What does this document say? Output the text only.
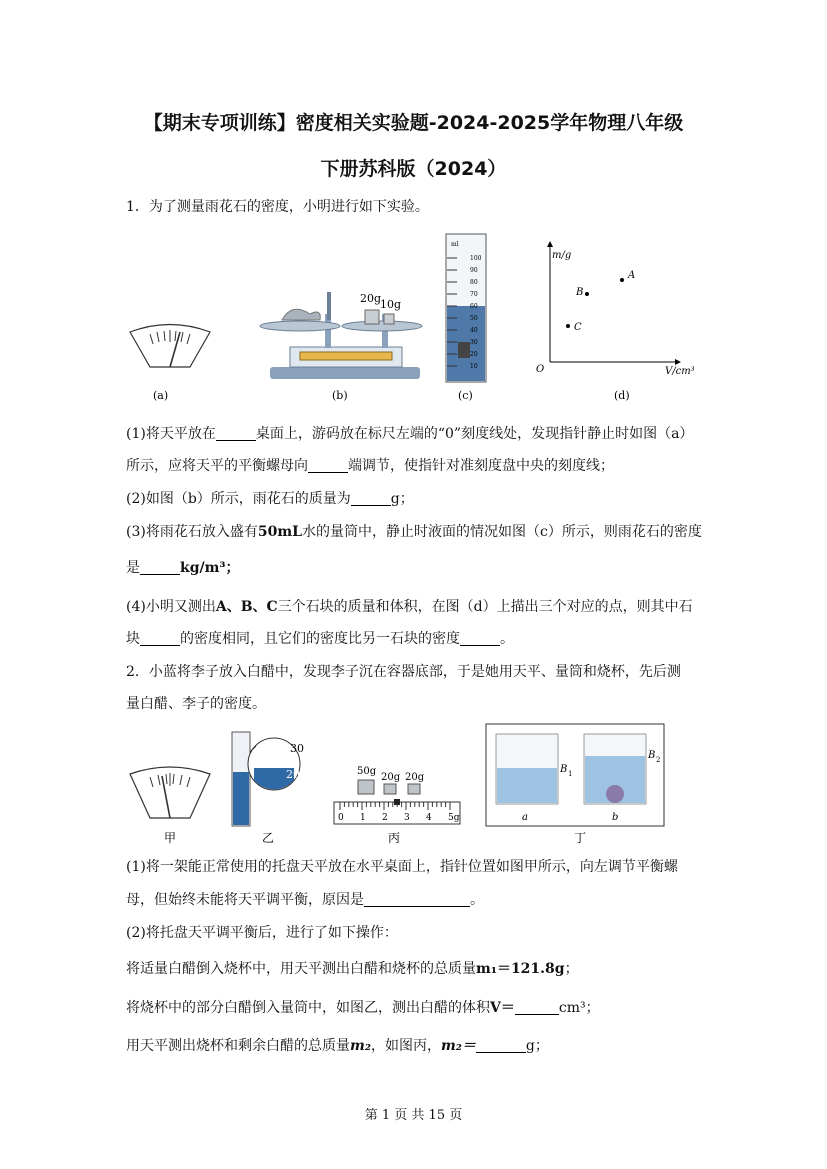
【期末专项训练】密度相关实验题-2024-2025学年物理八年级
下册苏科版（2024）
1．为了测量雨花石的密度，小明进行如下实验。
(a)
20g
10g
(b)
ml
100
90
80
70
60
50
40
30
20
10
(c)
m/g
V/cm³
O
A
B
C
(d)
(1)将天平放在	桌面上，游码放在标尺左端的“0”刻度线处，发现指针静止时如图（a）
所示，应将天平的平衡螺母向	端调节，使指针对准刻度盘中央的刻度线；
(2)如图（b）所示，雨花石的质量为	g；
(3)将雨花石放入盛有50mL水的量筒中，静止时液面的情况如图（c）所示，则雨花石的密度
是	kg/m³；
(4)小明又测出A、B、C三个石块的质量和体积，在图（d）上描出三个对应的点，则其中石
块	的密度相同，且它们的密度比另一石块的密度	。
2．小蓝将李子放入白醋中，发现李子沉在容器底部，于是她用天平、量筒和烧杯，先后测
量白醋、李子的密度。
甲
30
20
乙
50g
20g 20g
0 1 2 3 4 5g
丙
B 1
B 2
a	b
丁
(1)将一架能正常使用的托盘天平放在水平桌面上，指针位置如图甲所示，向左调节平衡螺
母，但始终未能将天平调平衡，原因是	。
(2)将托盘天平调平衡后，进行了如下操作：
将适量白醋倒入烧杯中，用天平测出白醋和烧杯的总质量m₁＝121.8g；
将烧杯中的部分白醋倒入量筒中，如图乙，测出白醋的体积V＝	cm³；
用天平测出烧杯和剩余白醋的总质量m₂，如图丙，m₂＝	g；
第 1 页 共 15 页
